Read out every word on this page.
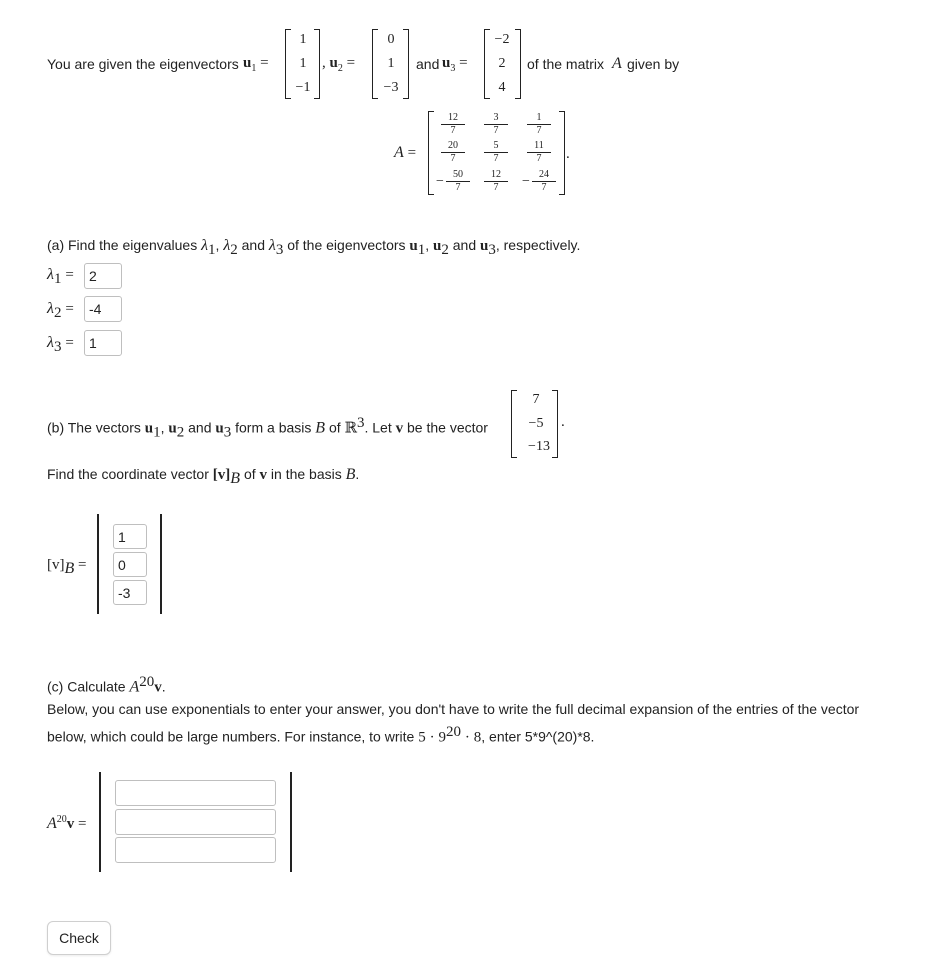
You are given the eigenvectors $u_1$ =
1
1
−1
, $u_2$ =
0
1
−3
and $u_3$ =
−2
2
4
of the matrix A given by
A =	.
$\frac{12}{7} \frac{3}{7} \frac{1}{7}$
$\frac{20}{7} \frac{5}{7} \frac{11}{7}$
− $\frac{50}{7} \frac{12}{7} - \frac{24}{7}$
(a) Find the eigenvalues $\lambda_1$, $\lambda_2$ and $\lambda_3$ of the eigenvectors $u_1$, $u_2$ and $u_3$, respectively.
$\lambda_1$ =
2
$\lambda_2$ =
-4
$\lambda_3$ =
1
(b) The vectors $u_1$, $u_2$ and $u_3$ form a basis B of ℝ$^3$. Let v be the vector
7
−5
−13
.
Find the coordinate vector $[v]_B$ of v in the basis B.
$[v]_B$ =
1
0
-3
(c) Calculate $A^{20}v$.
Below, you can use exponentials to enter your answer, you don't have to write the full decimal expansion of the entries of the vector
below, which could be large numbers. For instance, to write $5 \cdot 9^{20} \cdot 8$, enter 5*9^(20)*8.
$A^{20}v$ =
Check
